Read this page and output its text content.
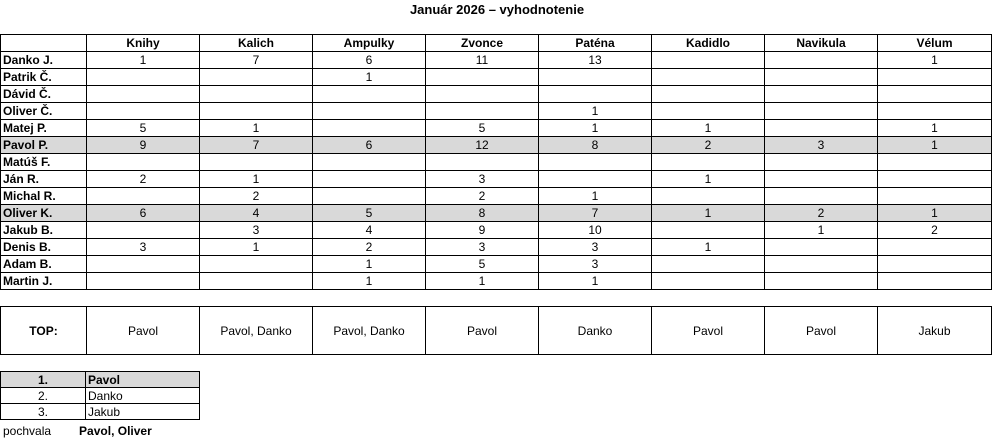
Január 2026 – vyhodnotenie
	Knihy	Kalich	Ampulky	Zvonce	Paténa	Kadidlo	Navikula	Vélum
Danko J.	1	7	6	11	13			1
Patrik Č.			1					
Dávid Č.								
Oliver Č.					1			
Matej P.	5	1		5	1	1		1
Pavol P.	9	7	6	12	8	2	3	1
Matúš F.								
Ján R.	2	1		3		1		
Michal R.		2		2	1			
Oliver K.	6	4	5	8	7	1	2	1
Jakub B.		3	4	9	10		1	2
Denis B.	3	1	2	3	3	1		
Adam B.			1	5	3			
Martin J.			1	1	1			
TOP:	Pavol	Pavol, Danko	Pavol, Danko	Pavol	Danko	Pavol	Pavol	Jakub
1.	Pavol
2.	Danko
3.	Jakub
pochvala Pavol, Oliver
